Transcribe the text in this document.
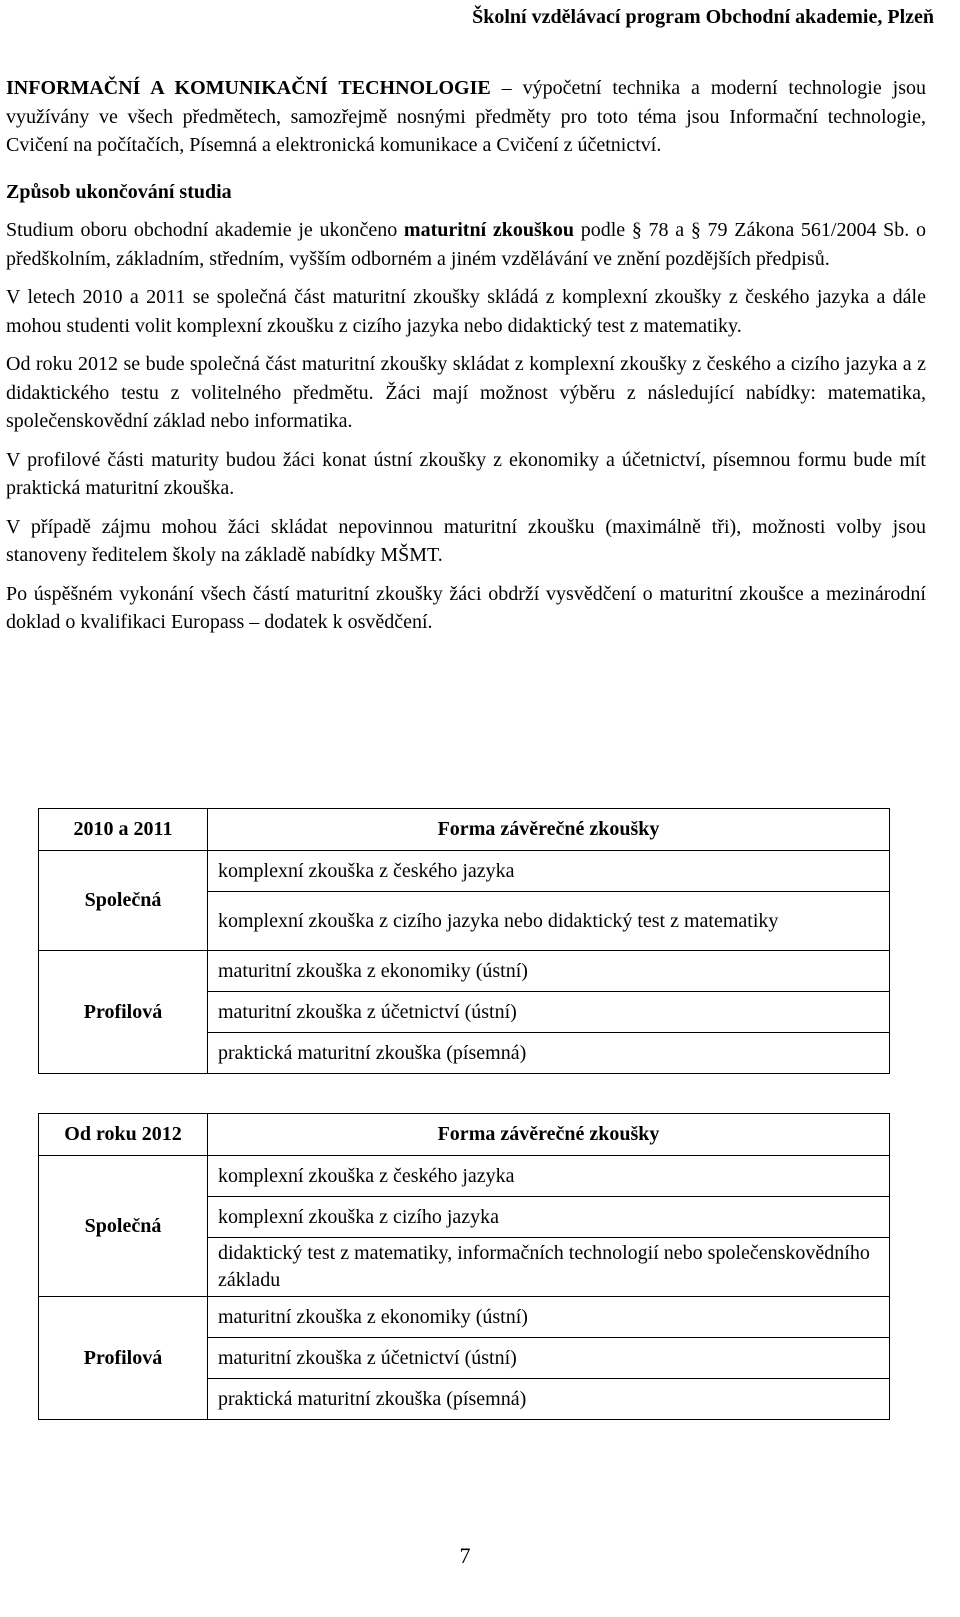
Školní vzdělávací program Obchodní akademie, Plzeň

INFORMAČNÍ A KOMUNIKAČNÍ TECHNOLOGIE – výpočetní technika a moderní technologie jsou využívány ve všech předmětech, samozřejmě nosnými předměty pro toto téma jsou Informační technologie, Cvičení na počítačích, Písemná a elektronická komunikace a Cvičení z účetnictví.

Způsob ukončování studia

Studium oboru obchodní akademie je ukončeno maturitní zkouškou podle § 78 a § 79 Zákona 561/2004 Sb. o předškolním, základním, středním, vyšším odborném a jiném vzdělávání ve znění pozdějších předpisů.

V letech 2010 a 2011 se společná část maturitní zkoušky skládá z komplexní zkoušky z českého jazyka a dále mohou studenti volit komplexní zkoušku z cizího jazyka nebo didaktický test z matematiky.

Od roku 2012 se bude společná část maturitní zkoušky skládat z komplexní zkoušky z českého a cizího jazyka a z didaktického testu z volitelného předmětu. Žáci mají možnost výběru z následující nabídky: matematika, společenskovědní základ nebo informatika.

V profilové části maturity budou žáci konat ústní zkoušky z ekonomiky a účetnictví, písemnou formu bude mít praktická maturitní zkouška.

V případě zájmu mohou žáci skládat nepovinnou maturitní zkoušku (maximálně tři), možnosti volby jsou stanoveny ředitelem školy na základě nabídky MŠMT.

Po úspěšném vykonání všech částí maturitní zkoušky žáci obdrží vysvědčení o maturitní zkoušce a mezinárodní doklad o kvalifikaci Europass – dodatek k osvědčení.

2010 a 2011	Forma závěrečné zkoušky
Společná	komplexní zkouška z českého jazyka
	komplexní zkouška z cizího jazyka nebo didaktický test z matematiky
Profilová	maturitní zkouška z ekonomiky (ústní)
	maturitní zkouška z účetnictví (ústní)
	praktická maturitní zkouška (písemná)
Od roku 2012	Forma závěrečné zkoušky
Společná	komplexní zkouška z českého jazyka
	komplexní zkouška z cizího jazyka
	didaktický test z matematiky, informačních technologií nebo společenskovědního základu
Profilová	maturitní zkouška z ekonomiky (ústní)
	maturitní zkouška z účetnictví (ústní)
	praktická maturitní zkouška (písemná)
7
